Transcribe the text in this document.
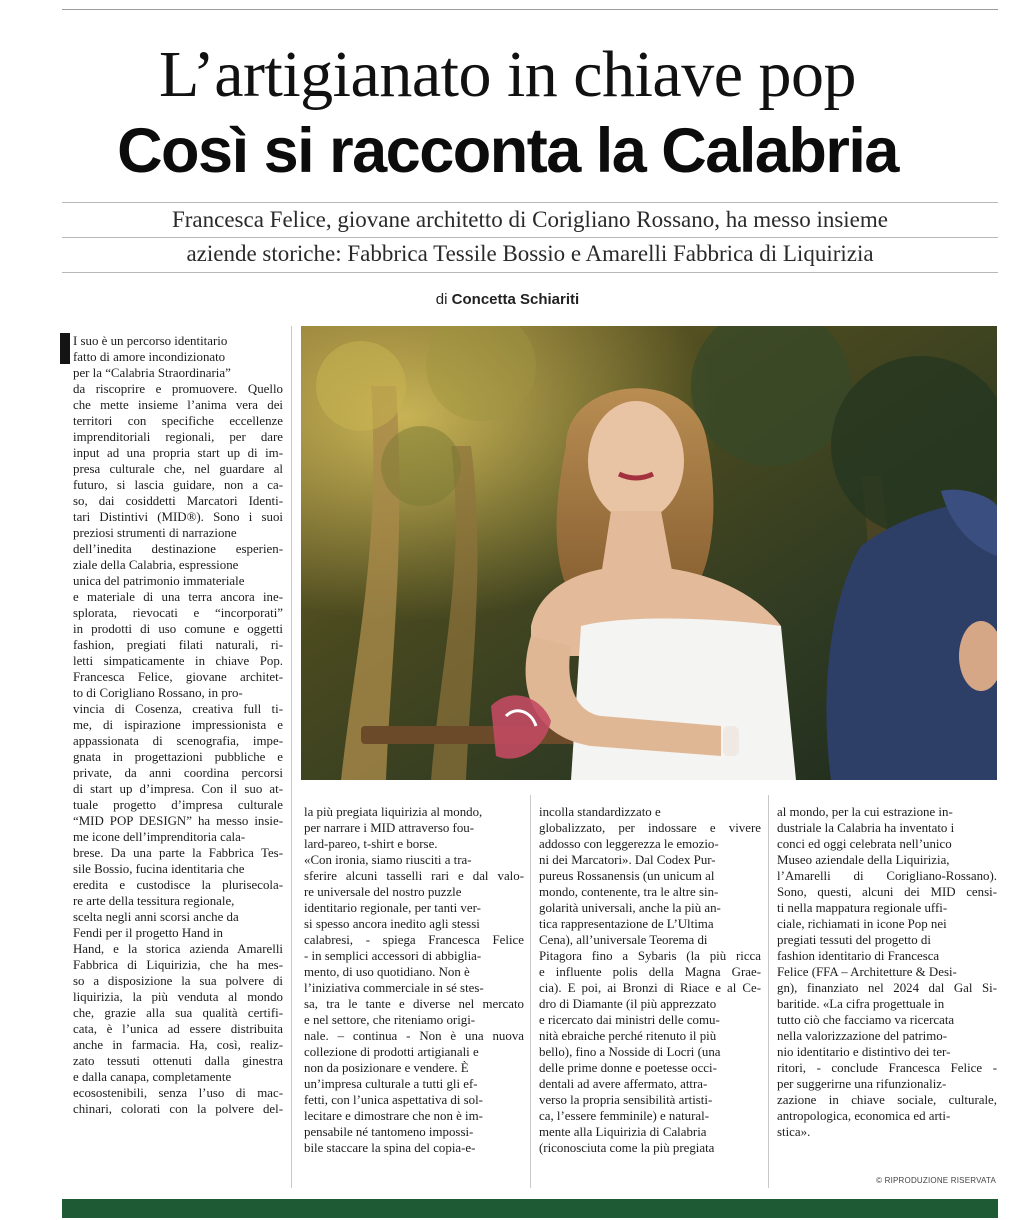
L’artigianato in chiave pop
Così si racconta la Calabria
Francesca Felice, giovane architetto di Corigliano Rossano, ha messo insieme
aziende storiche: Fabbrica Tessile Bossio e Amarelli Fabbrica di Liquirizia
di Concetta Schiariti
I suo è un percorso identitario
fatto di amore incondizionato
per la “Calabria Straordinaria”
da riscoprire e promuovere. Quello
che mette insieme l’anima vera dei
territori con specifiche eccellenze
imprenditoriali regionali, per dare
input ad una propria start up di im-
presa culturale che, nel guardare al
futuro, si lascia guidare, non a ca-
so, dai cosiddetti Marcatori Identi-
tari Distintivi (MID®). Sono i suoi
preziosi strumenti di narrazione
dell’inedita destinazione esperien-
ziale della Calabria, espressione
unica del patrimonio immateriale
e materiale di una terra ancora ine-
splorata, rievocati e “incorporati”
in prodotti di uso comune e oggetti
fashion, pregiati filati naturali, ri-
letti simpaticamente in chiave Pop.
Francesca Felice, giovane architet-
to di Corigliano Rossano, in pro-
vincia di Cosenza, creativa full ti-
me, di ispirazione impressionista e
appassionata di scenografia, impe-
gnata in progettazioni pubbliche e
private, da anni coordina percorsi
di start up d’impresa. Con il suo at-
tuale progetto d’impresa culturale
“MID POP DESIGN” ha messo insie-
me icone dell’imprenditoria cala-
brese. Da una parte la Fabbrica Tes-
sile Bossio, fucina identitaria che
eredita e custodisce la plurisecola-
re arte della tessitura regionale,
scelta negli anni scorsi anche da
Fendi per il progetto Hand in
Hand, e la storica azienda Amarelli
Fabbrica di Liquirizia, che ha mes-
so a disposizione la sua polvere di
liquirizia, la più venduta al mondo
che, grazie alla sua qualità certifi-
cata, è l’unica ad essere distribuita
anche in farmacia. Ha, così, realiz-
zato tessuti ottenuti dalla ginestra
e dalla canapa, completamente
ecosostenibili, senza l’uso di mac-
chinari, colorati con la polvere del-
la più pregiata liquirizia al mondo,
per narrare i MID attraverso fou-
lard-pareo, t-shirt e borse.
«Con ironia, siamo riusciti a tra-
sferire alcuni tasselli rari e dal valo-
re universale del nostro puzzle
identitario regionale, per tanti ver-
si spesso ancora inedito agli stessi
calabresi, - spiega Francesca Felice
- in semplici accessori di abbiglia-
mento, di uso quotidiano. Non è
l’iniziativa commerciale in sé stes-
sa, tra le tante e diverse nel mercato
e nel settore, che riteniamo origi-
nale. – continua - Non è una nuova
collezione di prodotti artigianali e
non da posizionare e vendere. È
un’impresa culturale a tutti gli ef-
fetti, con l’unica aspettativa di sol-
lecitare e dimostrare che non è im-
pensabile né tantomeno impossi-
bile staccare la spina del copia-e-
incolla standardizzato e
globalizzato, per indossare e vivere
addosso con leggerezza le emozio-
ni dei Marcatori». Dal Codex Pur-
pureus Rossanensis (un unicum al
mondo, contenente, tra le altre sin-
golarità universali, anche la più an-
tica rappresentazione de L’Ultima
Cena), all’universale Teorema di
Pitagora fino a Sybaris (la più ricca
e influente polis della Magna Grae-
cia). E poi, ai Bronzi di Riace e al Ce-
dro di Diamante (il più apprezzato
e ricercato dai ministri delle comu-
nità ebraiche perché ritenuto il più
bello), fino a Nosside di Locri (una
delle prime donne e poetesse occi-
dentali ad avere affermato, attra-
verso la propria sensibilità artisti-
ca, l’essere femminile) e natural-
mente alla Liquirizia di Calabria
(riconosciuta come la più pregiata
al mondo, per la cui estrazione in-
dustriale la Calabria ha inventato i
conci ed oggi celebrata nell’unico
Museo aziendale della Liquirizia,
l’Amarelli di Corigliano-Rossano).
Sono, questi, alcuni dei MID censi-
ti nella mappatura regionale uffi-
ciale, richiamati in icone Pop nei
pregiati tessuti del progetto di
fashion identitario di Francesca
Felice (FFA – Architetture & Desi-
gn), finanziato nel 2024 dal Gal Si-
baritide. «La cifra progettuale in
tutto ciò che facciamo va ricercata
nella valorizzazione del patrimo-
nio identitario e distintivo dei ter-
ritori, - conclude Francesca Felice -
per suggerirne una rifunzionaliz-
zazione in chiave sociale, culturale,
antropologica, economica ed arti-
stica».
© RIPRODUZIONE RISERVATA
